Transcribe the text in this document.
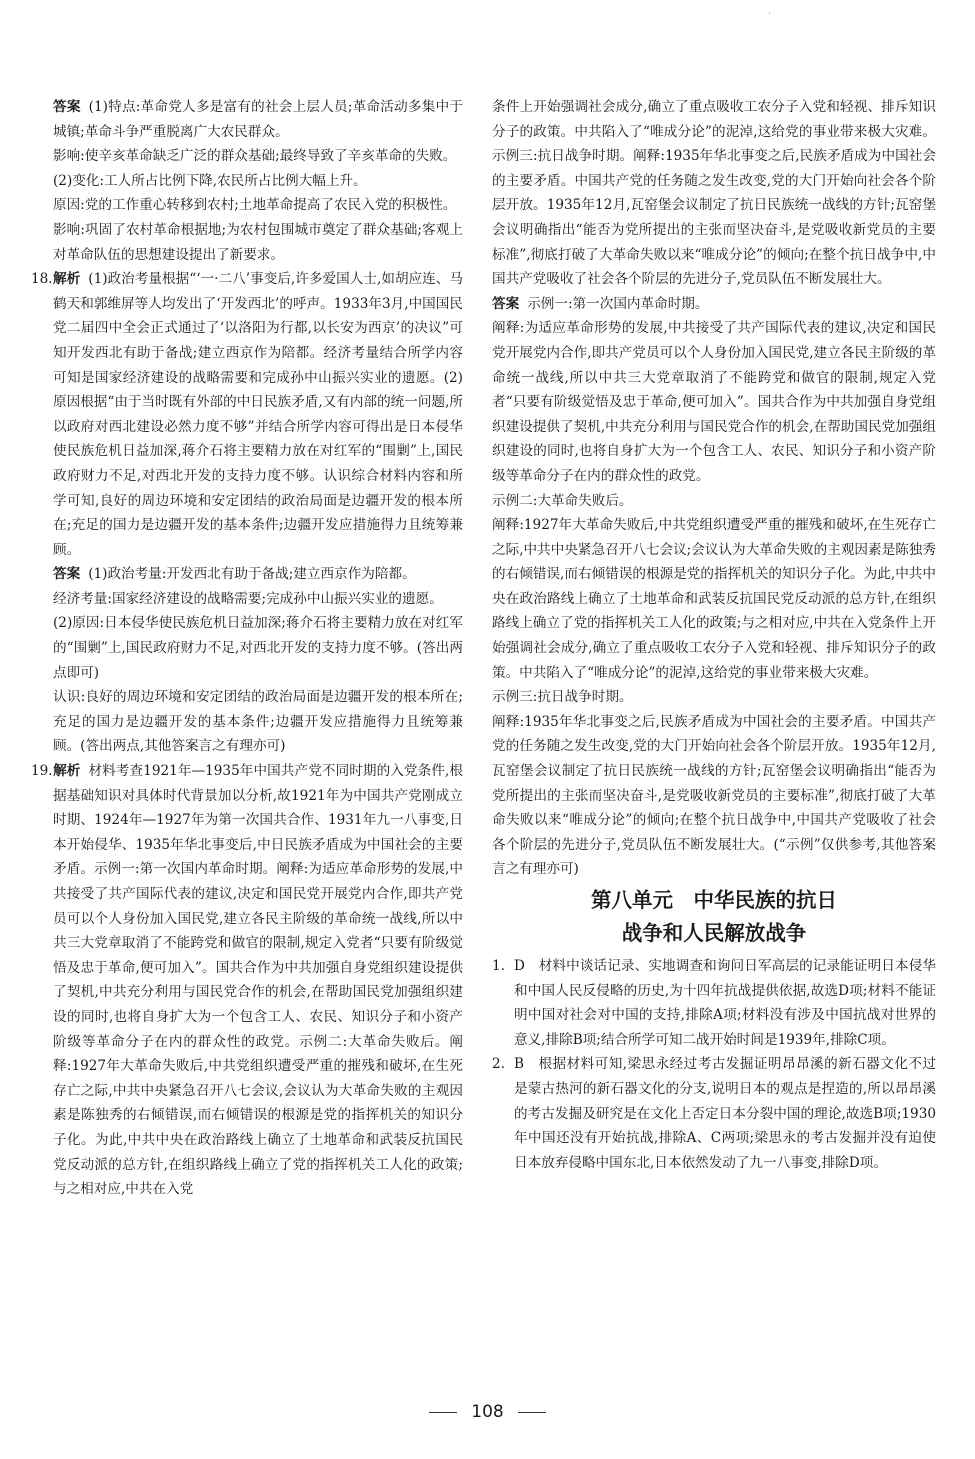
·

答案 (1)特点:革命党人多是富有的社会上层人员;革命活动多集中于城镇;革命斗争严重脱离广大农民群众。

影响:使辛亥革命缺乏广泛的群众基础;最终导致了辛亥革命的失败。

(2)变化:工人所占比例下降,农民所占比例大幅上升。

原因:党的工作重心转移到农村;土地革命提高了农民入党的积极性。

影响:巩固了农村革命根据地;为农村包围城市奠定了群众基础;客观上对革命队伍的思想建设提出了新要求。

18.解析 (1)政治考量根据“‘一·二八’事变后,许多爱国人士,如胡应连、马鹤天和郭维屏等人均发出了‘开发西北’的呼声。1933年3月,中国国民党二届四中全会正式通过了‘以洛阳为行都,以长安为西京’的决议”可知开发西北有助于备战;建立西京作为陪都。经济考量结合所学内容可知是国家经济建设的战略需要和完成孙中山振兴实业的遗愿。(2)原因根据“由于当时既有外部的中日民族矛盾,又有内部的统一问题,所以政府对西北建设必然力度不够”并结合所学内容可得出是日本侵华使民族危机日益加深,蒋介石将主要精力放在对红军的“围剿”上,国民政府财力不足,对西北开发的支持力度不够。认识综合材料内容和所学可知,良好的周边环境和安定团结的政治局面是边疆开发的根本所在;充足的国力是边疆开发的基本条件;边疆开发应措施得力且统筹兼顾。

答案 (1)政治考量:开发西北有助于备战;建立西京作为陪都。

经济考量:国家经济建设的战略需要;完成孙中山振兴实业的遗愿。

(2)原因:日本侵华使民族危机日益加深;蒋介石将主要精力放在对红军的“围剿”上,国民政府财力不足,对西北开发的支持力度不够。(答出两点即可)

认识:良好的周边环境和安定团结的政治局面是边疆开发的根本所在;充足的国力是边疆开发的基本条件;边疆开发应措施得力且统筹兼顾。(答出两点,其他答案言之有理亦可)

19.解析 材料考查1921年—1935年中国共产党不同时期的入党条件,根据基础知识对具体时代背景加以分析,故1921年为中国共产党刚成立时期、1924年—1927年为第一次国共合作、1931年九一八事变,日本开始侵华、1935年华北事变后,中日民族矛盾成为中国社会的主要矛盾。示例一:第一次国内革命时期。阐释:为适应革命形势的发展,中共接受了共产国际代表的建议,决定和国民党开展党内合作,即共产党员可以个人身份加入国民党,建立各民主阶级的革命统一战线,所以中共三大党章取消了不能跨党和做官的限制,规定入党者“只要有阶级觉悟及忠于革命,便可加入”。国共合作为中共加强自身党组织建设提供了契机,中共充分利用与国民党合作的机会,在帮助国民党加强组织建设的同时,也将自身扩大为一个包含工人、农民、知识分子和小资产阶级等革命分子在内的群众性的政党。示例二:大革命失败后。阐释:1927年大革命失败后,中共党组织遭受严重的摧残和破坏,在生死存亡之际,中共中央紧急召开八七会议,会议认为大革命失败的主观因素是陈独秀的右倾错误,而右倾错误的根源是党的指挥机关的知识分子化。为此,中共中央在政治路线上确立了土地革命和武装反抗国民党反动派的总方针,在组织路线上确立了党的指挥机关工人化的政策;与之相对应,中共在入党

条件上开始强调社会成分,确立了重点吸收工农分子入党和轻视、排斥知识分子的政策。中共陷入了“唯成分论”的泥淖,这给党的事业带来极大灾难。示例三:抗日战争时期。阐释:1935年华北事变之后,民族矛盾成为中国社会的主要矛盾。中国共产党的任务随之发生改变,党的大门开始向社会各个阶层开放。1935年12月,瓦窑堡会议制定了抗日民族统一战线的方针;瓦窑堡会议明确指出“能否为党所提出的主张而坚决奋斗,是党吸收新党员的主要标准”,彻底打破了大革命失败以来“唯成分论”的倾向;在整个抗日战争中,中国共产党吸收了社会各个阶层的先进分子,党员队伍不断发展壮大。

答案 示例一:第一次国内革命时期。

阐释:为适应革命形势的发展,中共接受了共产国际代表的建议,决定和国民党开展党内合作,即共产党员可以个人身份加入国民党,建立各民主阶级的革命统一战线,所以中共三大党章取消了不能跨党和做官的限制,规定入党者“只要有阶级觉悟及忠于革命,便可加入”。国共合作为中共加强自身党组织建设提供了契机,中共充分利用与国民党合作的机会,在帮助国民党加强组织建设的同时,也将自身扩大为一个包含工人、农民、知识分子和小资产阶级等革命分子在内的群众性的政党。

示例二:大革命失败后。

阐释:1927年大革命失败后,中共党组织遭受严重的摧残和破坏,在生死存亡之际,中共中央紧急召开八七会议;会议认为大革命失败的主观因素是陈独秀的右倾错误,而右倾错误的根源是党的指挥机关的知识分子化。为此,中共中央在政治路线上确立了土地革命和武装反抗国民党反动派的总方针,在组织路线上确立了党的指挥机关工人化的政策;与之相对应,中共在入党条件上开始强调社会成分,确立了重点吸收工农分子入党和轻视、排斥知识分子的政策。中共陷入了“唯成分论”的泥淖,这给党的事业带来极大灾难。

示例三:抗日战争时期。

阐释:1935年华北事变之后,民族矛盾成为中国社会的主要矛盾。中国共产党的任务随之发生改变,党的大门开始向社会各个阶层开放。1935年12月,瓦窑堡会议制定了抗日民族统一战线的方针;瓦窑堡会议明确指出“能否为党所提出的主张而坚决奋斗,是党吸收新党员的主要标准”,彻底打破了大革命失败以来“唯成分论”的倾向;在整个抗日战争中,中国共产党吸收了社会各个阶层的先进分子,党员队伍不断发展壮大。(“示例”仅供参考,其他答案言之有理亦可)

第八单元　中华民族的抗日
战争和人民解放战争

1. D　材料中谈话记录、实地调查和询问日军高层的记录能证明日本侵华和中国人民反侵略的历史,为十四年抗战提供依据,故选D项;材料不能证明中国对社会对中国的支持,排除A项;材料没有涉及中国抗战对世界的意义,排除B项;结合所学可知二战开始时间是1939年,排除C项。

2. B　根据材料可知,梁思永经过考古发掘证明昂昂溪的新石器文化不过是蒙古热河的新石器文化的分支,说明日本的观点是捏造的,所以昂昂溪的考古发掘及研究是在文化上否定日本分裂中国的理论,故选B项;1930年中国还没有开始抗战,排除A、C两项;梁思永的考古发掘并没有迫使日本放弃侵略中国东北,日本依然发动了九一八事变,排除D项。

108
